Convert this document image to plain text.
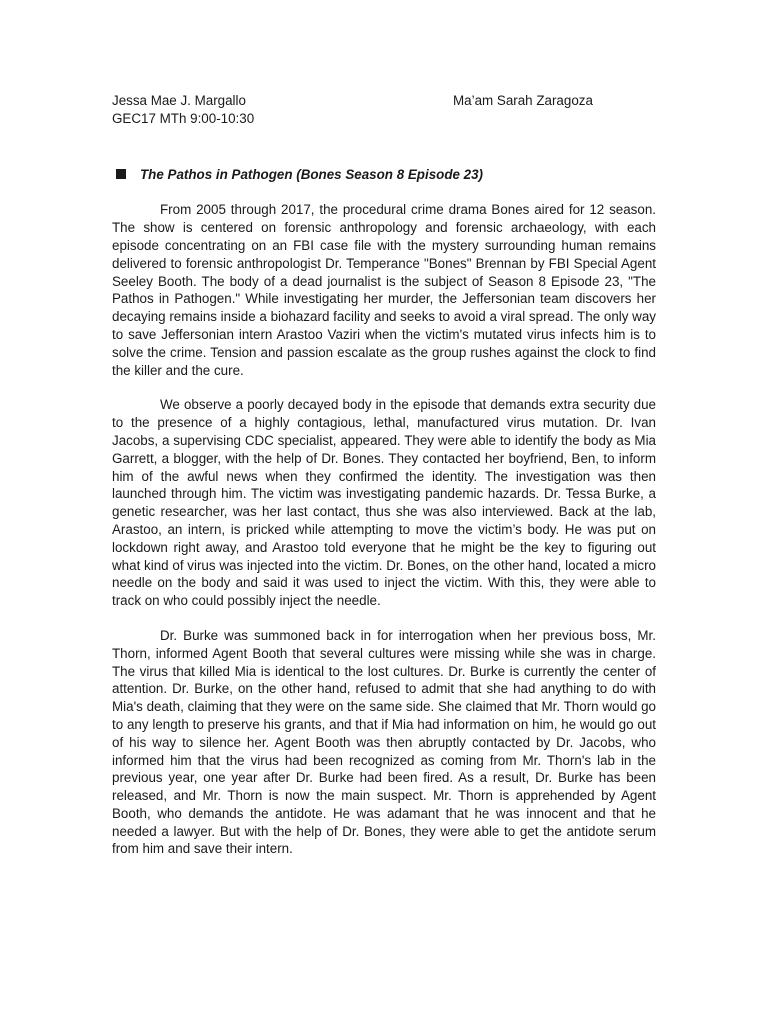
Jessa Mae J. Margallo
GEC17 MTh 9:00-10:30
Ma’am Sarah Zaragoza
The Pathos in Pathogen (Bones Season 8 Episode 23)

From 2005 through 2017, the procedural crime drama Bones aired for 12 season. The show is centered on forensic anthropology and forensic archaeology, with each episode concentrating on an FBI case file with the mystery surrounding human remains delivered to forensic anthropologist Dr. Temperance "Bones" Brennan by FBI Special Agent Seeley Booth. The body of a dead journalist is the subject of Season 8 Episode 23, "The Pathos in Pathogen." While investigating her murder, the Jeffersonian team discovers her decaying remains inside a biohazard facility and seeks to avoid a viral spread. The only way to save Jeffersonian intern Arastoo Vaziri when the victim's mutated virus infects him is to solve the crime. Tension and passion escalate as the group rushes against the clock to find the killer and the cure.

We observe a poorly decayed body in the episode that demands extra security due to the presence of a highly contagious, lethal, manufactured virus mutation. Dr. Ivan Jacobs, a supervising CDC specialist, appeared. They were able to identify the body as Mia Garrett, a blogger, with the help of Dr. Bones. They contacted her boyfriend, Ben, to inform him of the awful news when they confirmed the identity. The investigation was then launched through him. The victim was investigating pandemic hazards. Dr. Tessa Burke, a genetic researcher, was her last contact, thus she was also interviewed. Back at the lab, Arastoo, an intern, is pricked while attempting to move the victim’s body. He was put on lockdown right away, and Arastoo told everyone that he might be the key to figuring out what kind of virus was injected into the victim. Dr. Bones, on the other hand, located a micro needle on the body and said it was used to inject the victim. With this, they were able to track on who could possibly inject the needle.

Dr. Burke was summoned back in for interrogation when her previous boss, Mr. Thorn, informed Agent Booth that several cultures were missing while she was in charge. The virus that killed Mia is identical to the lost cultures. Dr. Burke is currently the center of attention. Dr. Burke, on the other hand, refused to admit that she had anything to do with Mia's death, claiming that they were on the same side. She claimed that Mr. Thorn would go to any length to preserve his grants, and that if Mia had information on him, he would go out of his way to silence her. Agent Booth was then abruptly contacted by Dr. Jacobs, who informed him that the virus had been recognized as coming from Mr. Thorn's lab in the previous year, one year after Dr. Burke had been fired. As a result, Dr. Burke has been released, and Mr. Thorn is now the main suspect. Mr. Thorn is apprehended by Agent Booth, who demands the antidote. He was adamant that he was innocent and that he needed a lawyer. But with the help of Dr. Bones, they were able to get the antidote serum from him and save their intern.
